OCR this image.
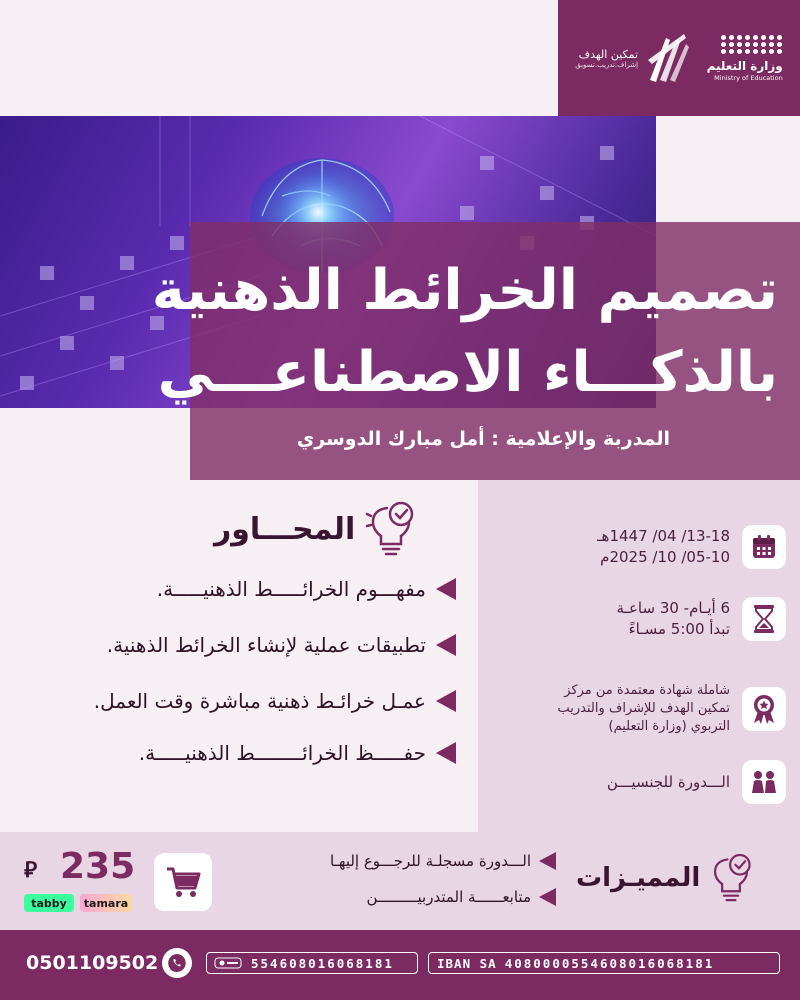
تمكين الهدف
إشراف.تدريب.تسويق	وزارة التعليم
Ministry of Education
تصميم الخرائط الذهنية
بالذكـــاء الاصطناعـــي
المدربة والإعلامية : أمل مبارك الدوسري
13-18/ 04/ 1447هـ
05-10/ 10/ 2025م
6 أيـام- 30 ساعـة
تبدأ 5:00 مسـاءً
شاملة شهادة معتمدة من مركز
تمكين الهدف للإشراف والتدريب
التربوي (وزارة التعليم)
الـــدورة للجنسيـــن
المحـــاور
مفهـــوم الخرائـــــط الذهنيـــــة.
تطبيقات عملية لإنشاء الخرائط الذهنية.
عمـل خرائـط ذهنية مباشرة وقت العمل.
حفـــــظ الخرائــــــــط الذهنيـــــة.
المميـزات
الـــدورة مسجلـة للرجـــوع إليهـا
متابعــــــة المتدربيـــــــــن
235
⃁
tabby	tamara
0501109502	554608016068181	IBAN SA 4080000554608016068181
